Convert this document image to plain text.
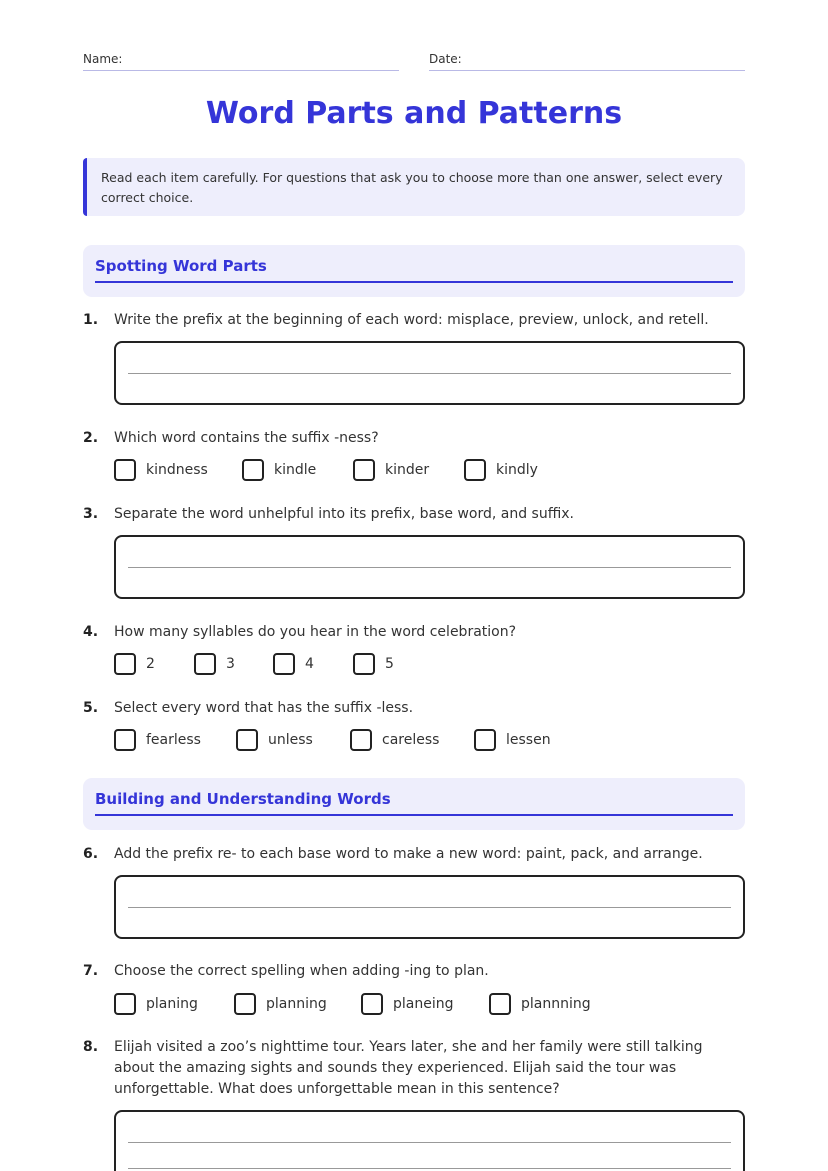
Name:	Date:
Word Parts and Patterns
Read each item carefully. For questions that ask you to choose more than one answer, select every correct choice.
Spotting Word Parts
1. Write the prefix at the beginning of each word: misplace, preview, unlock, and retell.
2. Which word contains the suffix -ness?
kindness	kindle	kinder	kindly
3. Separate the word unhelpful into its prefix, base word, and suffix.
4. How many syllables do you hear in the word celebration?
2	3	4	5
5. Select every word that has the suffix -less.
fearless	unless	careless	lessen
Building and Understanding Words
6. Add the prefix re- to each base word to make a new word: paint, pack, and arrange.
7. Choose the correct spelling when adding -ing to plan.
planing	planning	planeing	plannning
8. Elijah visited a zoo’s nighttime tour. Years later, she and her family were still talking about the amazing sights and sounds they experienced. Elijah said the tour was unforgettable. What does unforgettable mean in this sentence?
